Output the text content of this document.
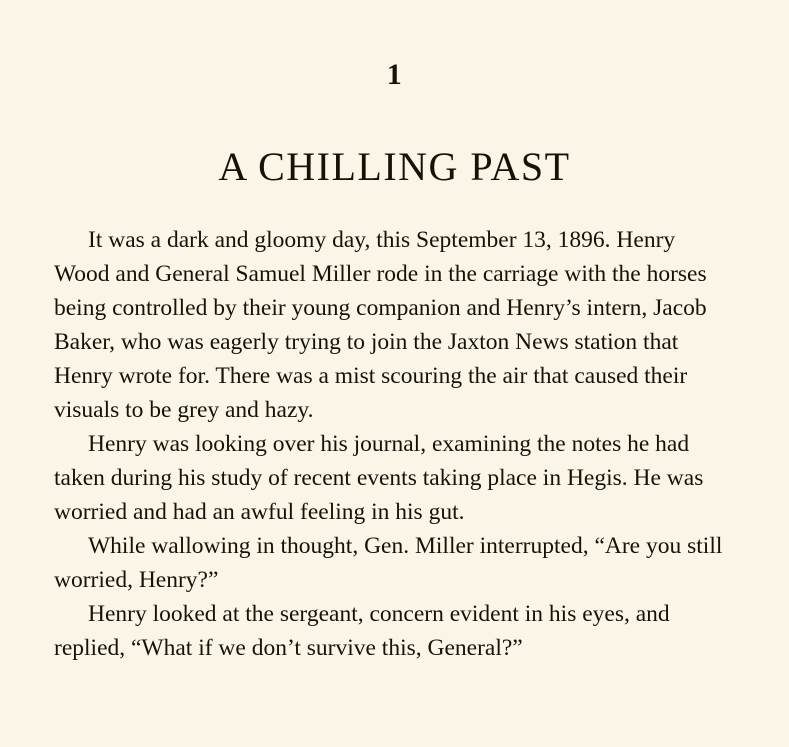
1
A CHILLING PAST

It was a dark and gloomy day, this September 13, 1896. Henry Wood and General Samuel Miller rode in the carriage with the horses being controlled by their young companion and Henry’s intern, Jacob Baker, who was eagerly trying to join the Jaxton News station that Henry wrote for. There was a mist scouring the air that caused their visuals to be grey and hazy.

Henry was looking over his journal, examining the notes he had taken during his study of recent events taking place in Hegis. He was worried and had an awful feeling in his gut.

While wallowing in thought, Gen. Miller interrupted, “Are you still worried, Henry?”

Henry looked at the sergeant, concern evident in his eyes, and replied, “What if we don’t survive this, General?”
